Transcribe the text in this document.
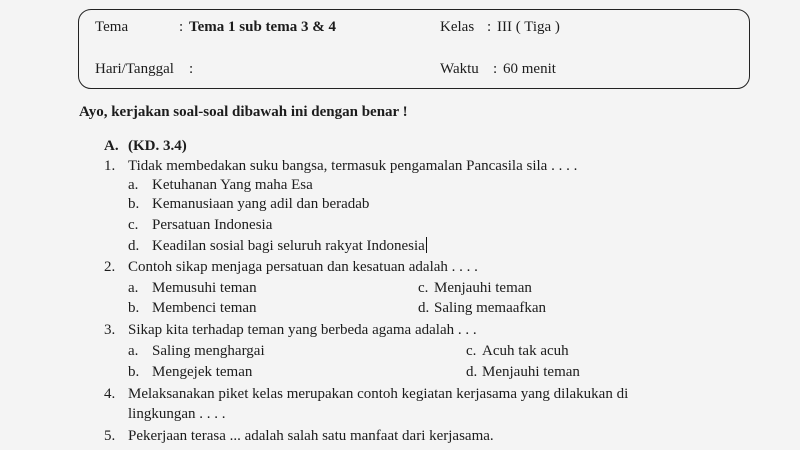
Tema	: Tema 1 sub tema 3 & 4	Kelas : III ( Tiga )
Hari/Tanggal :	Waktu : 60 menit
Ayo, kerjakan soal-soal dibawah ini dengan benar !
A. (KD. 3.4)
1. Tidak membedakan suku bangsa, termasuk pengamalan Pancasila sila . . . .
a. Ketuhanan Yang maha Esa
b. Kemanusiaan yang adil dan beradab
c. Persatuan Indonesia
d. Keadilan sosial bagi seluruh rakyat Indonesia
2. Contoh sikap menjaga persatuan dan kesatuan adalah . . . .
a. Memusuhi teman	c. Menjauhi teman
b. Membenci teman	d. Saling memaafkan
3. Sikap kita terhadap teman yang berbeda agama adalah . . .
a. Saling menghargai	c. Acuh tak acuh
b. Mengejek teman	d. Menjauhi teman
4. Melaksanakan piket kelas merupakan contoh kegiatan kerjasama yang dilakukan di
lingkungan . . . .
5. Pekerjaan terasa ... adalah salah satu manfaat dari kerjasama.
